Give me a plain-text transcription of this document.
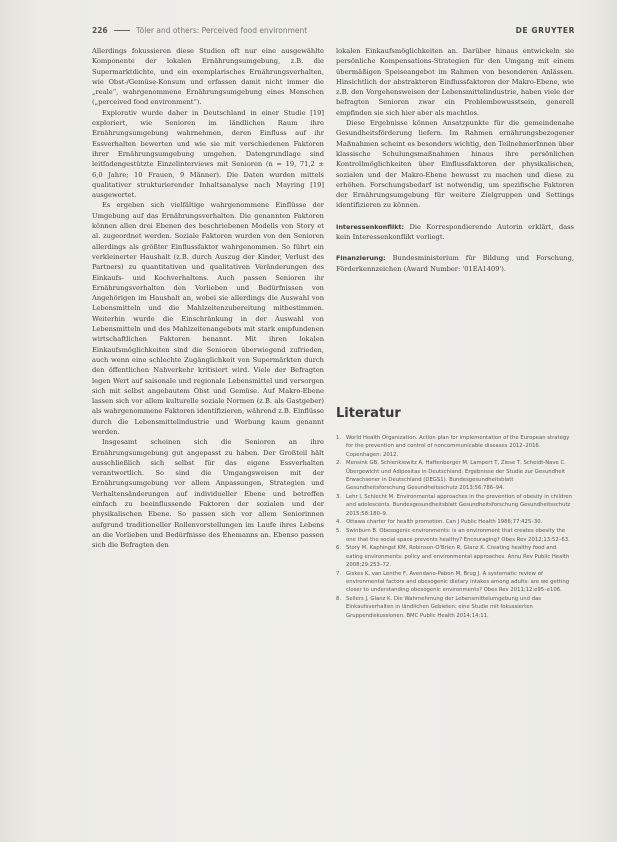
226	Töler and others: Perceived food environment	DE GRUYTER

Allerdings fokussieren diese Studien oft nur eine ausgewählte Komponente der lokalen Ernährungsumgebung, z.B. die Supermarktdichte, und ein exemplarisches Ernährungsverhalten, wie Obst-/Gemüse-Konsum und erfassen damit nicht immer die „reale“, wahrgenommene Ernährungsumgebung eines Menschen („perceived food environment“).

Explorativ wurde daher in Deutschland in einer Studie [19] exploriert, wie Senioren im ländlichen Raum ihre Ernährungsumgebung wahrnehmen, deren Einfluss auf ihr Essverhalten bewerten und wie sie mit verschiedenen Faktoren ihrer Ernährungsumgebung umgehen. Datengrundlage sind leitfadengestützte Einzelinterviews mit Senioren (n = 19, 71,2 ± 6,0 Jahre; 10 Frauen, 9 Männer). Die Daten wurden mittels qualitativer strukturierender Inhaltsanalyse nach Mayring [19] ausgewertet.

Es ergeben sich vielfältige wahrgenommene Einflüsse der Umgebung auf das Ernährungsverhalten. Die genannten Faktoren können allen drei Ebenen des beschriebenen Modells von Story et al. zugeordnet werden. Soziale Faktoren wurden von den Senioren allerdings als größter Einflussfaktor wahrgenommen. So führt ein verkleinerter Haushalt (z.B. durch Auszug der Kinder, Verlust des Partners) zu quantitativen und qualitativen Veränderungen des Einkaufs- und Kochverhaltens. Auch passen Senioren ihr Ernährungsverhalten den Vorlieben und Bedürfnissen von Angehörigen im Haushalt an, wobei sie allerdings die Auswahl von Lebensmitteln und die Mahlzeitenzubereitung mitbestimmen. Weiterhin wurde die Einschränkung in der Auswahl von Lebensmitteln und des Mahlzeitenangebots mit stark empfundenen wirtschaftlichen Faktoren benannt. Mit ihren lokalen Einkaufsmöglichkeiten sind die Senioren überwiegend zufrieden, auch wenn eine schlechte Zugänglichkeit von Supermärkten durch den öffentlichen Nahverkehr kritisiert wird. Viele der Befragten legen Wert auf saisonale und regionale Lebensmittel und versorgen sich mit selbst angebautem Obst und Gemüse. Auf Makro-Ebene lassen sich vor allem kulturelle soziale Normen (z.B. als Gastgeber) als wahrgenommene Faktoren identifizieren, während z.B. Einflüsse durch die Lebensmittelindustrie und Werbung kaum genannt werden.

Insgesamt scheinen sich die Senioren an ihre Ernährungsumgebung gut angepasst zu haben. Der Großteil hält ausschließlich sich selbst für das eigene Essverhalten verantwortlich. So sind die Umgangsweisen mit der Ernährungsumgebung vor allem Anpassungen, Strategien und Verhaltensänderungen auf individueller Ebene und betreffen einfach zu beeinflussende Faktoren der sozialen und der physikalischen Ebene. So passen sich vor allem Seniorinnen aufgrund traditioneller Rollenvorstellungen im Laufe ihres Lebens an die Vorlieben und Bedürfnisse des Ehemanns an. Ebenso passen sich die Befragten den

lokalen Einkaufsmöglichkeiten an. Darüber hinaus entwickeln sie persönliche Kompensations-Strategien für den Umgang mit einem übermäßigen Speiseangebot im Rahmen von besonderen Anlässen. Hinsichtlich der abstrakteren Einflussfaktoren der Makro-Ebene, wie z.B. den Vorgehensweisen der Lebensmittelindustrie, haben viele der befragten Senioren zwar ein Problembewusstsein, generell empfinden sie sich hier aber als machtlos.

Diese Ergebnisse können Ansatzpunkte für die gemeindenahe Gesundheitsförderung liefern. Im Rahmen ernährungsbezogener Maßnahmen scheint es besonders wichtig, den TeilnehmerInnen über klassische Schulungsmaßnahmen hinaus ihre persönlichen Kontrollmöglichkeiten über Einflussfaktoren der physikalischen, sozialen und der Makro-Ebene bewusst zu machen und diese zu erhöhen. Forschungsbedarf ist notwendig, um spezifische Faktoren der Ernährungsumgebung für weitere Zielgruppen und Settings identifizieren zu können.

Interessenkonflikt: Die Korrespondierende Autorin erklärt, dass kein Interessenkonflikt vorliegt.

Finanzierung: Bundesministerium für Bildung und Forschung, Förderkennzeichen (Award Number: '01EA1409').

Literatur
1. World Health Organization. Action plan for implementation of the European strategy for the prevention and control of noncommunicable diseases 2012–2016. Copenhagen: 2012.
2. Mensink GB, Schienkiewitz A, Haftenberger M, Lampert T, Ziese T, Scheidt-Nave C. Übergewicht und Adipositas in Deutschland: Ergebnisse der Studie zur Gesundheit Erwachsener in Deutschland (DEGS1). Bundesgesundheitsblatt Gesundheitsforschung Gesundheitsschutz 2013;56:786–94.
3. Lehr I, Schlecht M. Environmental approaches in the prevention of obesity in children and adolescents. Bundesgesundheitsblatt Gesundheitsforschung Gesundheitsschutz 2015;58:180–9.
4. Ottawa charter for health promotion. Can J Public Health 1986;77:425–30.
5. Swinburn B. Obesogenic environments: is an environment that creates obesity the one that the social space prevents healthy? Encouraging? Obes Rev 2012;13:52–63.
6. Story M, Kaphingst KM, Robinson-O'Brien R, Glanz K. Creating healthy food and eating environments: policy and environmental approaches. Annu Rev Public Health 2008;29:253–72.
7. Giskes K, van Lenthe F, Avendano-Pabon M, Brug J. A systematic review of environmental factors and obesogenic dietary intakes among adults: are we getting closer to understanding obesogenic environments? Obes Rev 2011;12:e95–e106.
8. Sellers J, Glanz K. Die Wahrnehmung der Lebensmittelumgebung und das Einkaufsverhalten in ländlichen Gebieten: eine Studie mit fokussierten Gruppendiskussionen. BMC Public Health 2014;14:11.
